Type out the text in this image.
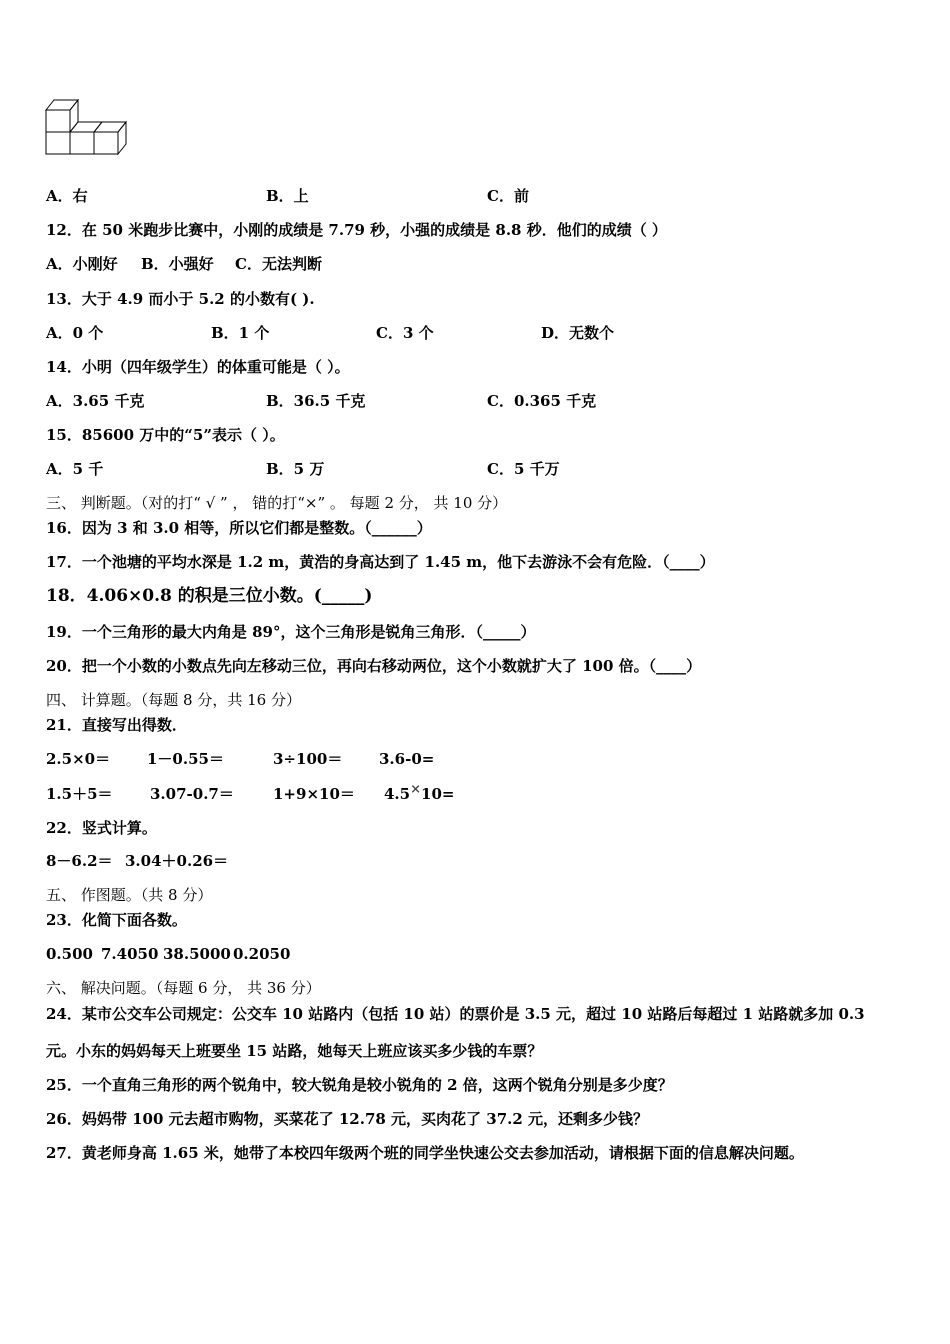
A．右	B．上	C．前
12．在 50 米跑步比赛中，小刚的成绩是 7.79 秒，小强的成绩是 8.8 秒．他们的成绩（ ）
A．小刚好 B．小强好 C．无法判断
13．大于 4.9 而小于 5.2 的小数有( ).
A．0 个	B．1 个	C．3 个	D．无数个
14．小明（四年级学生）的体重可能是（ ）。
A．3.65 千克	B．36.5 千克	C．0.365 千克
15．85600 万中的“5”表示（ ）。
A．5 千	B．5 万	C．5 千万
三、 判断题。（对的打“ √ ” ， 错的打“×” 。 每题 2 分， 共 10 分）
16．因为 3 和 3.0 相等，所以它们都是整数。（______）
17．一个池塘的平均水深是 1.2 m，黄浩的身高达到了 1.45 m，他下去游泳不会有危险．（____）
18．4.06×0.8 的积是三位小数。(_____)
19．一个三角形的最大内角是 89°，这个三角形是锐角三角形．（_____）
20．把一个小数的小数点先向左移动三位，再向右移动两位，这个小数就扩大了 100 倍。（____）
四、 计算题。（每题 8 分，共 16 分）
21．直接写出得数．
2.5×0＝ 1－0.55＝	3÷100＝ 3.6-0=
1.5＋5＝ 3.07-0.7＝	1+9×10＝ 4.5×10=
22．竖式计算。
8－6.2＝ 3.04＋0.26＝
五、 作图题。（共 8 分）
23．化简下面各数。
0.500 7.4050 38.5000 0.2050
六、 解决问题。（每题 6 分， 共 36 分）
24．某市公交车公司规定：公交车 10 站路内（包括 10 站）的票价是 3.5 元，超过 10 站路后每超过 1 站路就多加 0.3
元。小东的妈妈每天上班要坐 15 站路，她每天上班应该买多少钱的车票？
25．一个直角三角形的两个锐角中，较大锐角是较小锐角的 2 倍，这两个锐角分别是多少度？
26．妈妈带 100 元去超市购物，买菜花了 12.78 元，买肉花了 37.2 元，还剩多少钱？
27．黄老师身高 1.65 米，她带了本校四年级两个班的同学坐快速公交去参加活动，请根据下面的信息解决问题。
